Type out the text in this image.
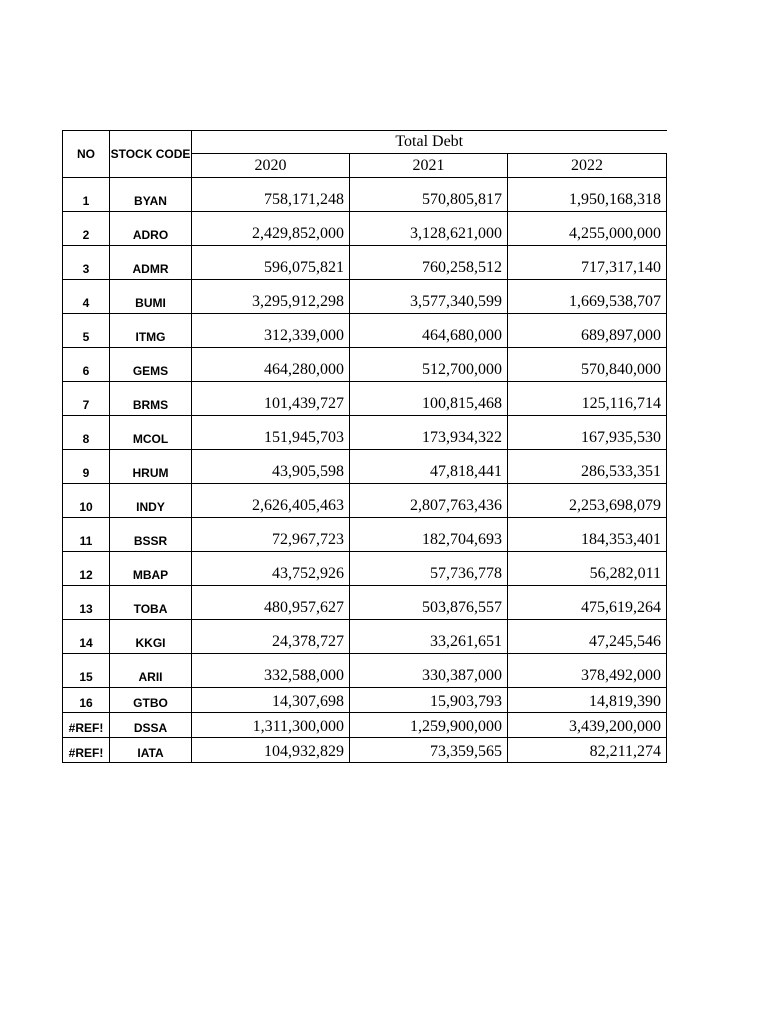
NO	STOCK CODE	Total Debt		
		2020	2021	2022
1	BYAN	758,171,248	570,805,817	1,950,168,318
2	ADRO	2,429,852,000	3,128,621,000	4,255,000,000
3	ADMR	596,075,821	760,258,512	717,317,140
4	BUMI	3,295,912,298	3,577,340,599	1,669,538,707
5	ITMG	312,339,000	464,680,000	689,897,000
6	GEMS	464,280,000	512,700,000	570,840,000
7	BRMS	101,439,727	100,815,468	125,116,714
8	MCOL	151,945,703	173,934,322	167,935,530
9	HRUM	43,905,598	47,818,441	286,533,351
10	INDY	2,626,405,463	2,807,763,436	2,253,698,079
11	BSSR	72,967,723	182,704,693	184,353,401
12	MBAP	43,752,926	57,736,778	56,282,011
13	TOBA	480,957,627	503,876,557	475,619,264
14	KKGI	24,378,727	33,261,651	47,245,546
15	ARII	332,588,000	330,387,000	378,492,000
16	GTBO	14,307,698	15,903,793	14,819,390
#REF!	DSSA	1,311,300,000	1,259,900,000	3,439,200,000
#REF!	IATA	104,932,829	73,359,565	82,211,274
